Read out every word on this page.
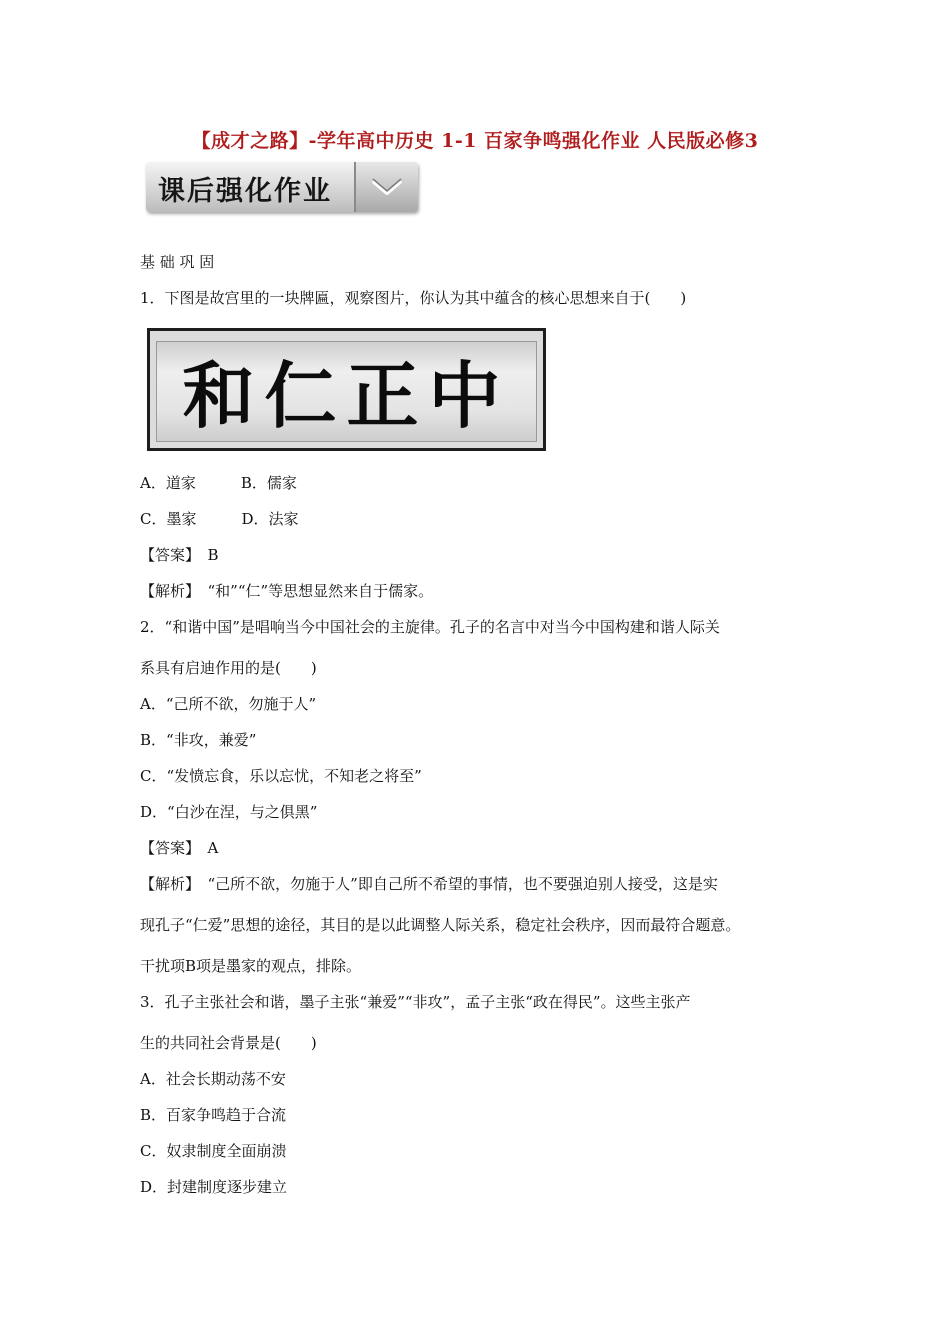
【成才之路】-学年高中历史 1-1 百家争鸣强化作业 人民版必修3
课后强化作业
基 础 巩 固
1．下图是故宫里的一块牌匾，观察图片，你认为其中蕴含的核心思想来自于(　　)
和仁正中
A．道家　　　B．儒家
C．墨家　　　D．法家
【答案】　B
【解析】　“和”“仁”等思想显然来自于儒家。
2．“和谐中国”是唱响当今中国社会的主旋律。孔子的名言中对当今中国构建和谐人际关
系具有启迪作用的是(　　)
A．“己所不欲，勿施于人”
B．“非攻，兼爱”
C．“发愤忘食，乐以忘忧，不知老之将至”
D．“白沙在涅，与之俱黑”
【答案】　A
【解析】　“己所不欲，勿施于人”即自己所不希望的事情，也不要强迫别人接受，这是实
现孔子“仁爱”思想的途径，其目的是以此调整人际关系，稳定社会秩序，因而最符合题意。
干扰项B项是墨家的观点，排除。
3．孔子主张社会和谐，墨子主张“兼爱”“非攻”，孟子主张“政在得民”。这些主张产
生的共同社会背景是(　　)
A．社会长期动荡不安
B．百家争鸣趋于合流
C．奴隶制度全面崩溃
D．封建制度逐步建立
